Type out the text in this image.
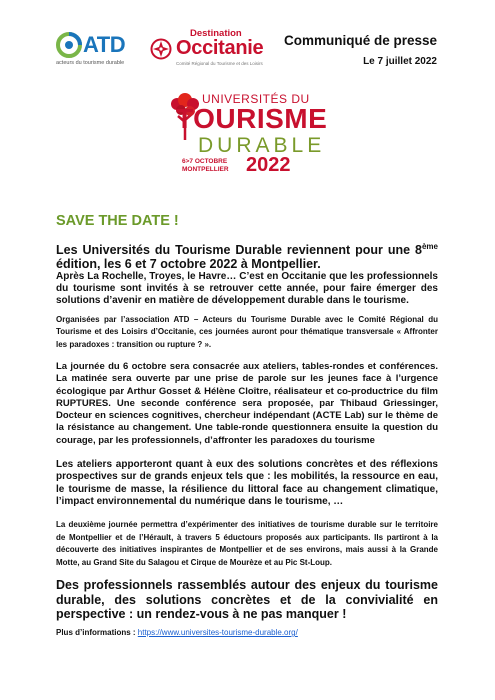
ATD
acteurs du tourisme durable
Destination
Occitanie
Comité Régional du Tourisme et des Loisirs
Communiqué de presse
Le 7 juillet 2022
UNIVERSITÉS DU
TOURISME
DURABLE
6>7 OCTOBRE
MONTPELLIER 2022
SAVE THE DATE !
Les Universités du Tourisme Durable reviennent pour une 8ème édition, les 6 et 7 octobre 2022 à Montpellier.
Après La Rochelle, Troyes, le Havre… C’est en Occitanie que les professionnels du tourisme sont invités à se retrouver cette année, pour faire émerger des solutions d’avenir en matière de développement durable dans le tourisme.
Organisées par l’association ATD – Acteurs du Tourisme Durable avec le Comité Régional du Tourisme et des Loisirs d’Occitanie, ces journées auront pour thématique transversale « Affronter les paradoxes : transition ou rupture ? ».
La journée du 6 octobre sera consacrée aux ateliers, tables-rondes et conférences. La matinée sera ouverte par une prise de parole sur les jeunes face à l’urgence écologique par Arthur Gosset & Hélène Cloître, réalisateur et co-productrice du film RUPTURES. Une seconde conférence sera proposée, par Thibaud Griessinger, Docteur en sciences cognitives, chercheur indépendant (ACTE Lab) sur le thème de la résistance au changement. Une table-ronde questionnera ensuite la question du courage, par les professionnels, d’affronter les paradoxes du tourisme
Les ateliers apporteront quant à eux des solutions concrètes et des réflexions prospectives sur de grands enjeux tels que : les mobilités, la ressource en eau, le tourisme de masse, la résilience du littoral face au changement climatique, l’impact environnemental du numérique dans le tourisme, …
La deuxième journée permettra d’expérimenter des initiatives de tourisme durable sur le territoire de Montpellier et de l’Hérault, à travers 5 éductours proposés aux participants. Ils partiront à la découverte des initiatives inspirantes de Montpellier et de ses environs, mais aussi à la Grande Motte, au Grand Site du Salagou et Cirque de Mourèze et au Pic St-Loup.
Des professionnels rassemblés autour des enjeux du tourisme durable, des solutions concrètes et de la convivialité en perspective : un rendez-vous à ne pas manquer !
Plus d’informations : https://www.universites-tourisme-durable.org/
